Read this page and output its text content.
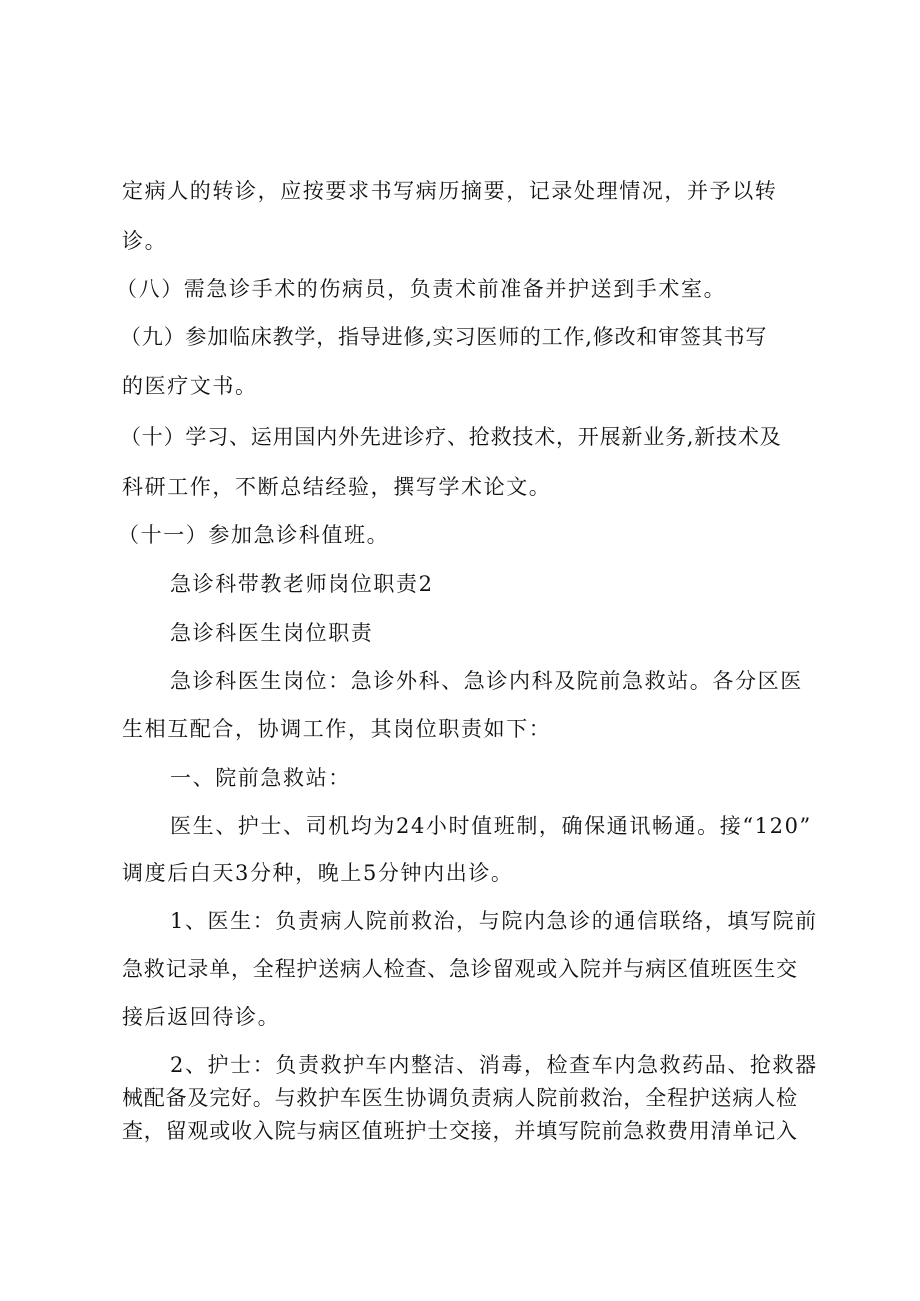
定病人的转诊，应按要求书写病历摘要，记录处理情况，并予以转
诊。
（八）需急诊手术的伤病员，负责术前准备并护送到手术室。
（九）参加临床教学，指导进修,实习医师的工作,修改和审签其书写
的医疗文书。
（十）学习、运用国内外先进诊疗、抢救技术，开展新业务,新技术及
科研工作，不断总结经验，撰写学术论文。
（十一）参加急诊科值班。
急诊科带教老师岗位职责2
急诊科医生岗位职责
急诊科医生岗位：急诊外科、急诊内科及院前急救站。各分区医
生相互配合，协调工作，其岗位职责如下：
一、院前急救站：
医生、护士、司机均为24小时值班制，确保通讯畅通。接“120”
调度后白天3分种，晚上5分钟内出诊。
1、医生：负责病人院前救治，与院内急诊的通信联络，填写院前
急救记录单，全程护送病人检查、急诊留观或入院并与病区值班医生交
接后返回待诊。
2、护士：负责救护车内整洁、消毒，检查车内急救药品、抢救器
械配备及完好。与救护车医生协调负责病人院前救治，全程护送病人检
查，留观或收入院与病区值班护士交接，并填写院前急救费用清单记入
